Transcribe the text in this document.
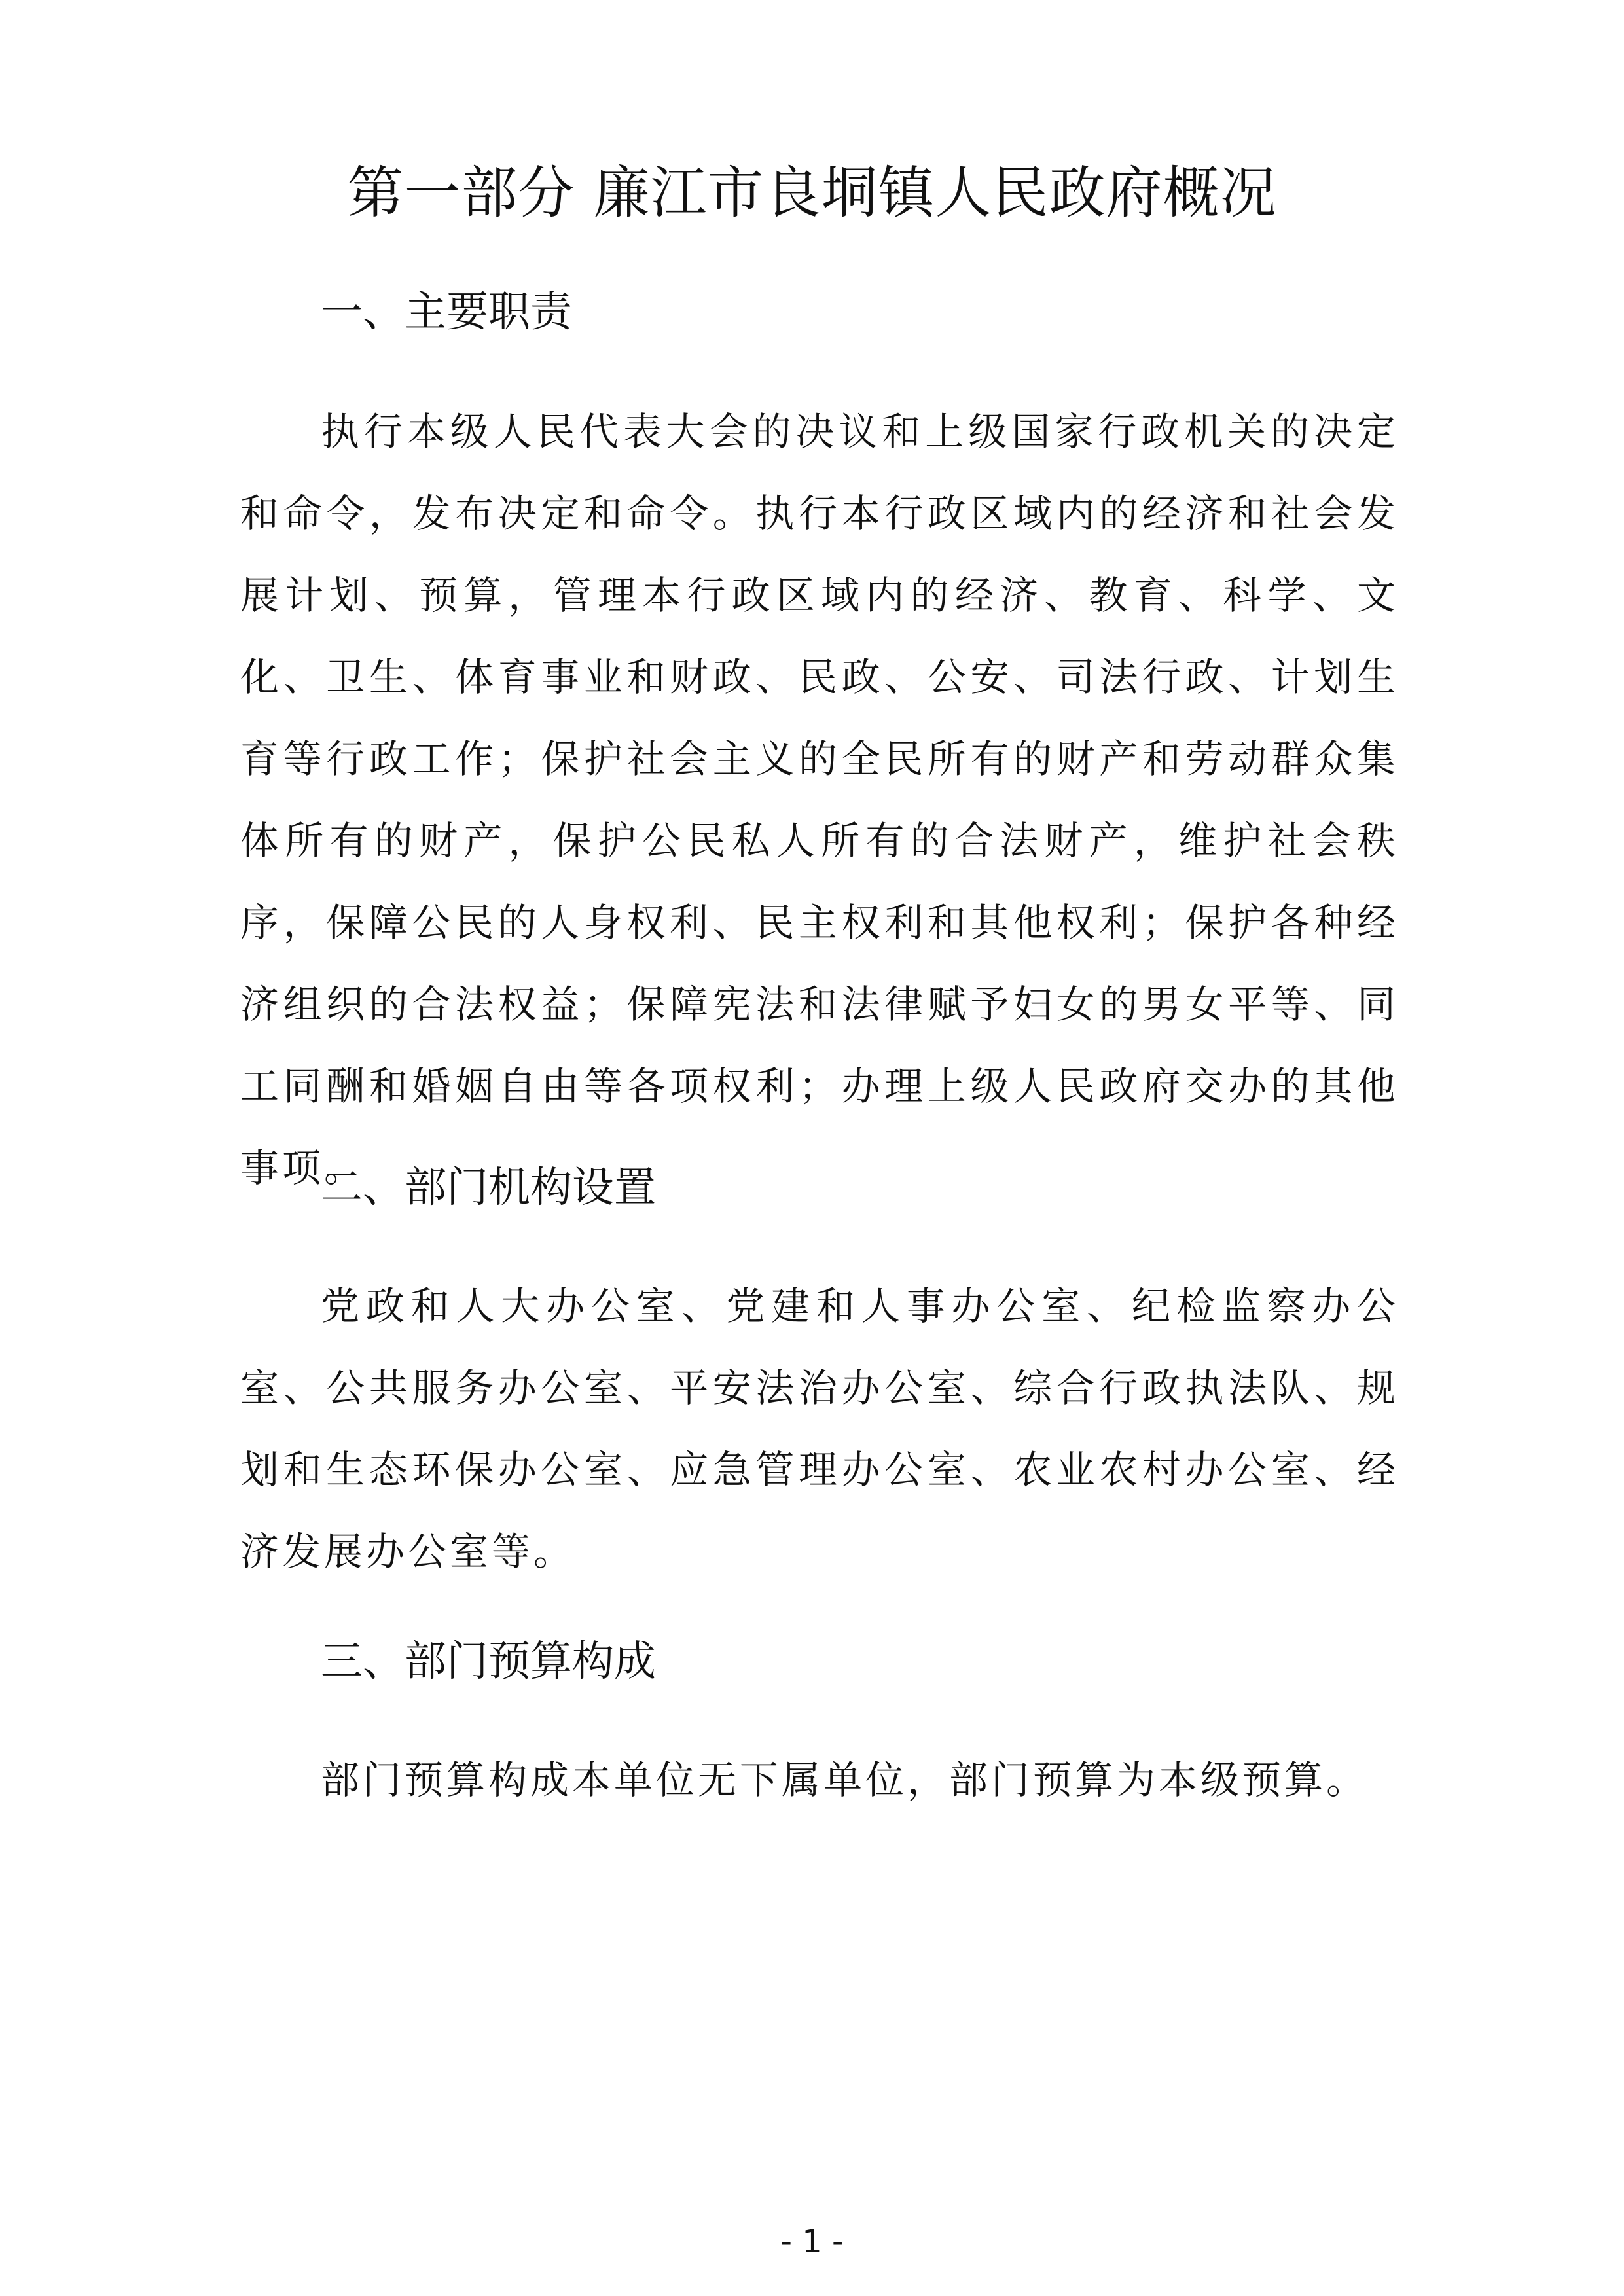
第一部分 廉江市良垌镇人民政府概况
一、主要职责

执行本级人民代表大会的决议和上级国家行政机关的决定和命令，发布决定和命令。执行本行政区域内的经济和社会发展计划、预算，管理本行政区域内的经济、教育、科学、文化、卫生、体育事业和财政、民政、公安、司法行政、计划生育等行政工作；保护社会主义的全民所有的财产和劳动群众集体所有的财产，保护公民私人所有的合法财产，维护社会秩序，保障公民的人身权利、民主权利和其他权利；保护各种经济组织的合法权益；保障宪法和法律赋予妇女的男女平等、同工同酬和婚姻自由等各项权利；办理上级人民政府交办的其他事项。

二、部门机构设置

党政和人大办公室、党建和人事办公室、纪检监察办公室、公共服务办公室、平安法治办公室、综合行政执法队、规划和生态环保办公室、应急管理办公室、农业农村办公室、经济发展办公室等。

三、部门预算构成

部门预算构成本单位无下属单位，部门预算为本级预算。

- 1 -
